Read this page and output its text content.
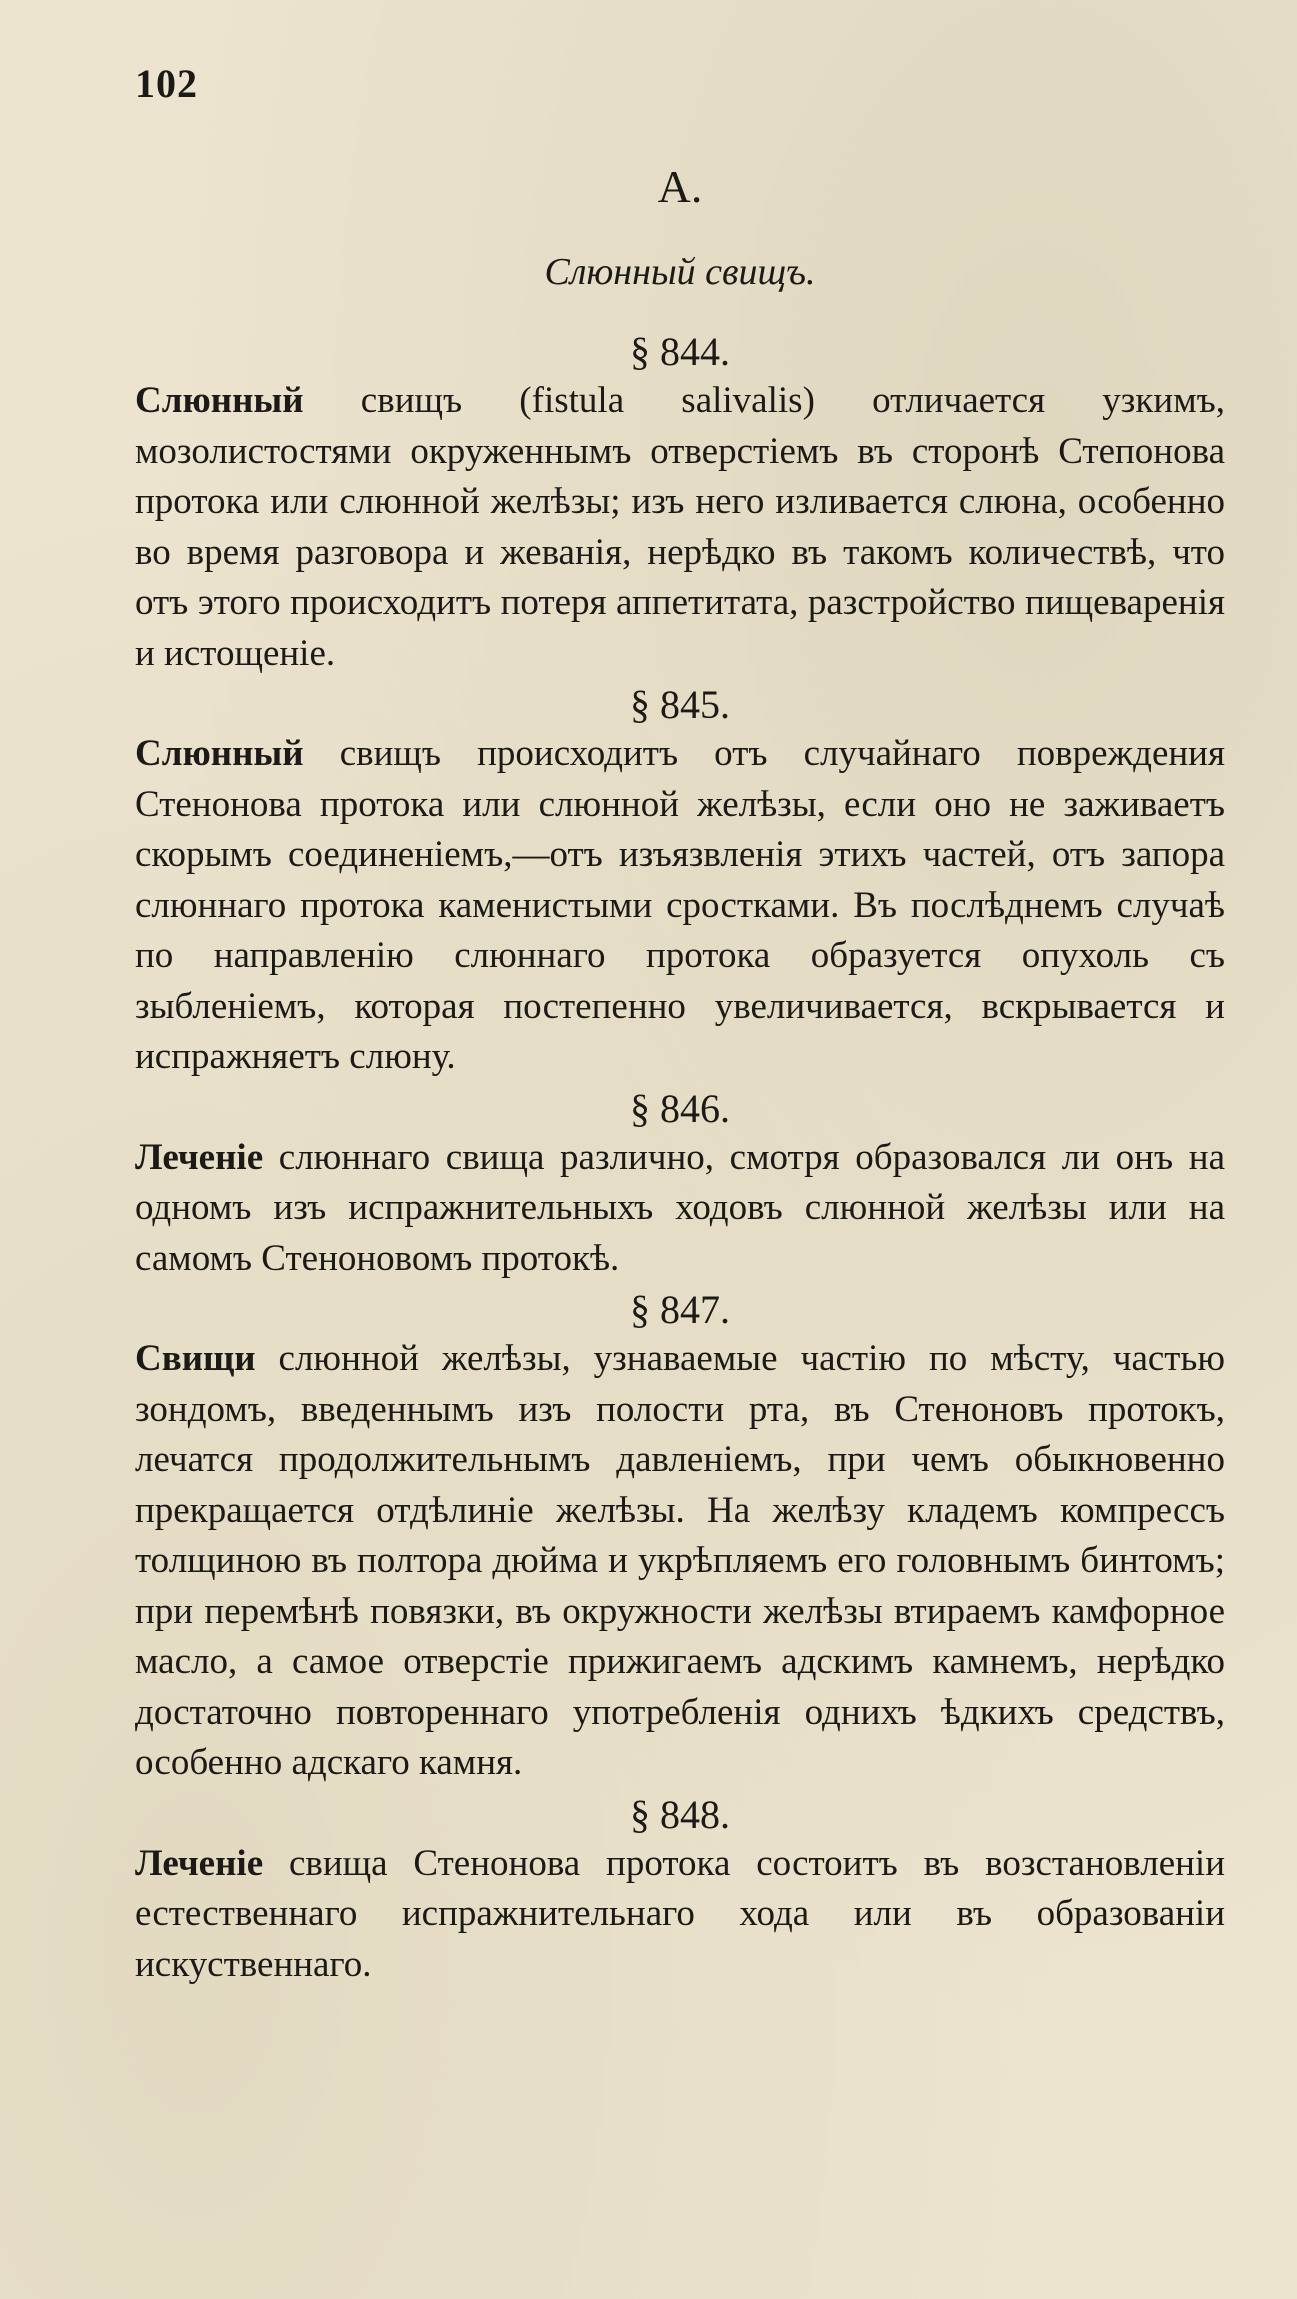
102
А.
Слюнный свищъ.
§ 844.

Слюнный свищъ (fistula salivalis) отличается узкимъ, мозолистостями окруженнымъ отверстіемъ въ сторонѣ Степонова протока или слюнной желѣзы; изъ него изливается слюна, особенно во время разговора и жеванія, нерѣдко въ такомъ количествѣ, что отъ этого происходитъ потеря аппетитата, разстройство пищеваренія и истощеніе.

§ 845.

Слюнный свищъ происходитъ отъ случайнаго повреждения Стенонова протока или слюнной желѣзы, если оно не заживаетъ скорымъ соединеніемъ,—отъ изъязвленія этихъ частей, отъ запора слюннаго протока каменистыми сростками. Въ послѣднемъ случаѣ по направленію слюннаго протока образуется опухоль съ зыбленіемъ, которая постепенно увеличивается, вскрывается и испражняетъ слюну.

§ 846.

Леченіе слюннаго свища различно, смотря образовался ли онъ на одномъ изъ испражнительныхъ ходовъ слюнной желѣзы или на самомъ Стеноновомъ протокѣ.

§ 847.

Свищи слюнной желѣзы, узнаваемые частію по мѣсту, частью зондомъ, введеннымъ изъ полости рта, въ Стеноновъ протокъ, лечатся продолжительнымъ давленіемъ, при чемъ обыкновенно прекращается отдѣлиніе желѣзы. На желѣзу кладемъ компрессъ толщиною въ полтора дюйма и укрѣпляемъ его головнымъ бинтомъ; при перемѣнѣ повязки, въ окружности желѣзы втираемъ камфорное масло, а самое отверстіе прижигаемъ адскимъ камнемъ, нерѣдко достаточно повтореннаго употребленія однихъ ѣдкихъ средствъ, особенно адскаго камня.

§ 848.

Леченіе свища Стенонова протока состоитъ въ возстановленіи естественнаго испражнительнаго хода или въ образованіи искуственнаго.
